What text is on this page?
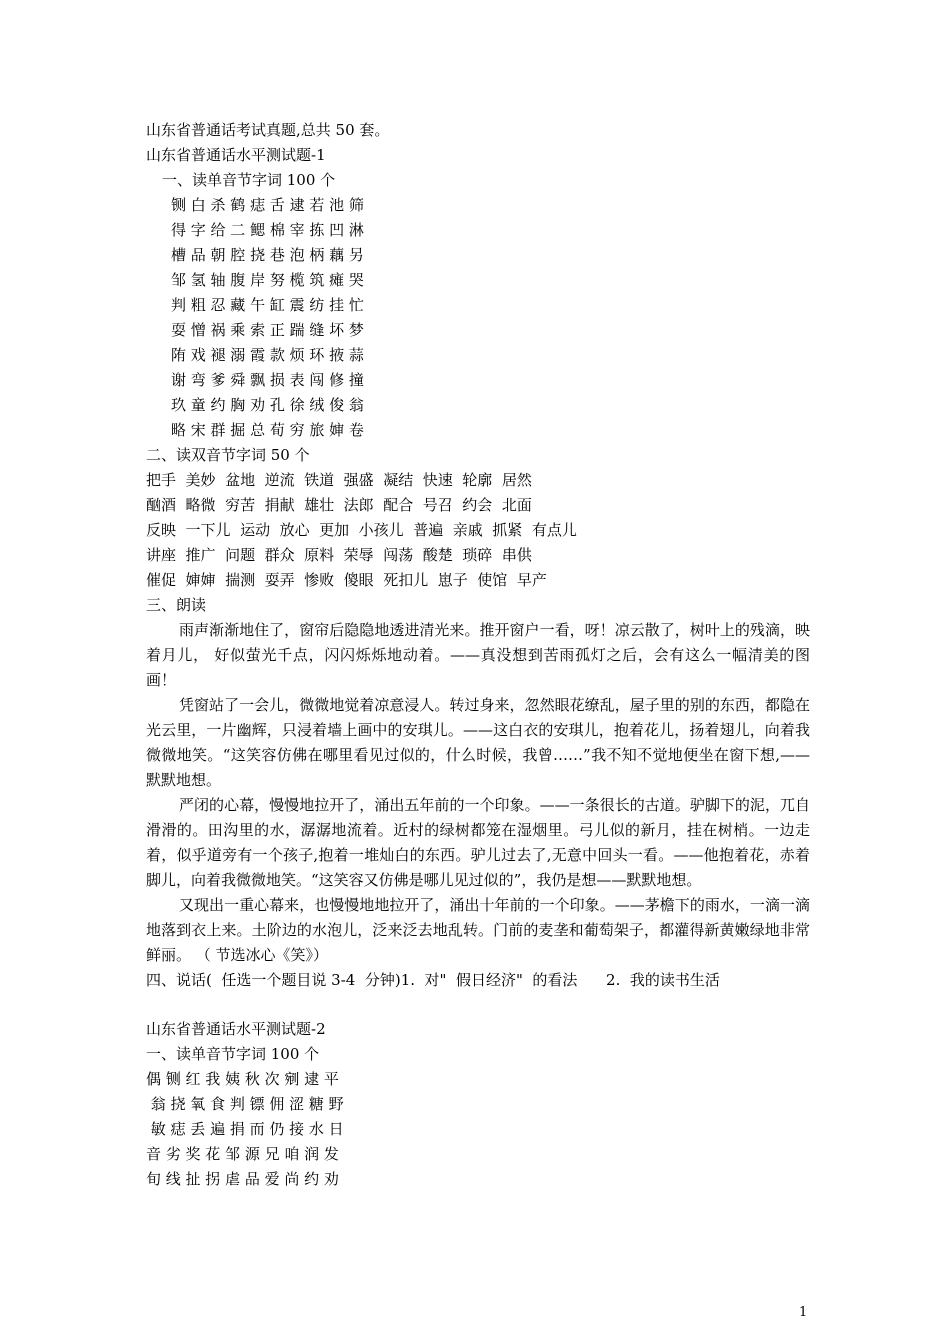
山东省普通话考试真题,总共 50 套。
山东省普通话水平测试题-1
一、读单音节字词 100 个
铡 白 杀 鹤 痣 舌 逮 若 池 筛
得 字 给 二 鳃 棉 宰 拣 凹 淋
槽 品 朝 腔 挠 巷 泡 柄 藕 另
邹 氢 轴 腹 岸 努 榄 筑 瘫 哭
判 粗 忍 藏 午 缸 震 纺 挂 忙
耍 憎 祸 乘 索 正 踹 缝 坏 梦
陏 戏 褪 溺 霞 款 烦 环 掖 蒜
谢 弯 爹 舜 飘 损 表 闯 修 撞
玖 童 约 胸 劝 孔 徐 绒 俊 翁
略 宋 群 掘 总 荀 穷 旅 婶 卷
二、读双音节字词 50 个
把手  美妙  盆地  逆流  铁道  强盛  凝结  快速  轮廓  居然
酗酒  略微  穷苦  捐献  雄壮  法郎  配合  号召  约会  北面
反映  一下儿  运动  放心  更加  小孩儿  普遍  亲戚  抓紧  有点儿
讲座  推广  问题  群众  原料  荣辱  闯荡  酸楚  琐碎  串供
催促  婶婶  揣测  耍弄  惨败  傻眼  死扣儿  崽子  使馆  早产
三、朗读

雨声渐渐地住了，窗帘后隐隐地透进清光来。推开窗户一看，呀！凉云散了，树叶上的残滴，映着月儿， 好似萤光千点，闪闪烁烁地动着。——真没想到苦雨孤灯之后，会有这么一幅清美的图画！

凭窗站了一会儿，微微地觉着凉意浸人。转过身来，忽然眼花缭乱，屋子里的别的东西，都隐在光云里，一片幽辉，只浸着墙上画中的安琪儿。——这白衣的安琪儿，抱着花儿，扬着翅儿，向着我微微地笑。“这笑容仿佛在哪里看见过似的，什么时候，我曾……”我不知不觉地便坐在窗下想,——默默地想。

严闭的心幕，慢慢地拉开了，涌出五年前的一个印象。——一条很长的古道。驴脚下的泥，兀自滑滑的。田沟里的水，潺潺地流着。近村的绿树都笼在湿烟里。弓儿似的新月，挂在树梢。一边走着，似乎道旁有一个孩子,抱着一堆灿白的东西。驴儿过去了,无意中回头一看。——他抱着花，赤着脚儿，向着我微微地笑。“这笑容又仿佛是哪儿见过似的”，我仍是想——默默地想。

又现出一重心幕来，也慢慢地地拉开了，涌出十年前的一个印象。——茅檐下的雨水，一滴一滴地落到衣上来。土阶边的水泡儿，泛来泛去地乱转。门前的麦垄和葡萄架子，都灌得新黄嫩绿地非常鲜丽。 （ 节选冰心《笑》）

四、说话(  任选一个题目说 3-4  分钟)1.  对"  假日经济"  的看法      2.  我的读书生活
山东省普通话水平测试题-2
一、读单音节字词 100 个
偶 铡 红 我 姨 秋 次 剜 逮 平
翁 挠 氧 食 判 镖 佣 涩 糖 野
敏 痣 丢 遍 捐 而 仍 接 水 日
音 劣 奖 花 邹 源 兄 咱 润 发
旬 线 扯 拐 虐 品 爱 尚 约 劝
1
